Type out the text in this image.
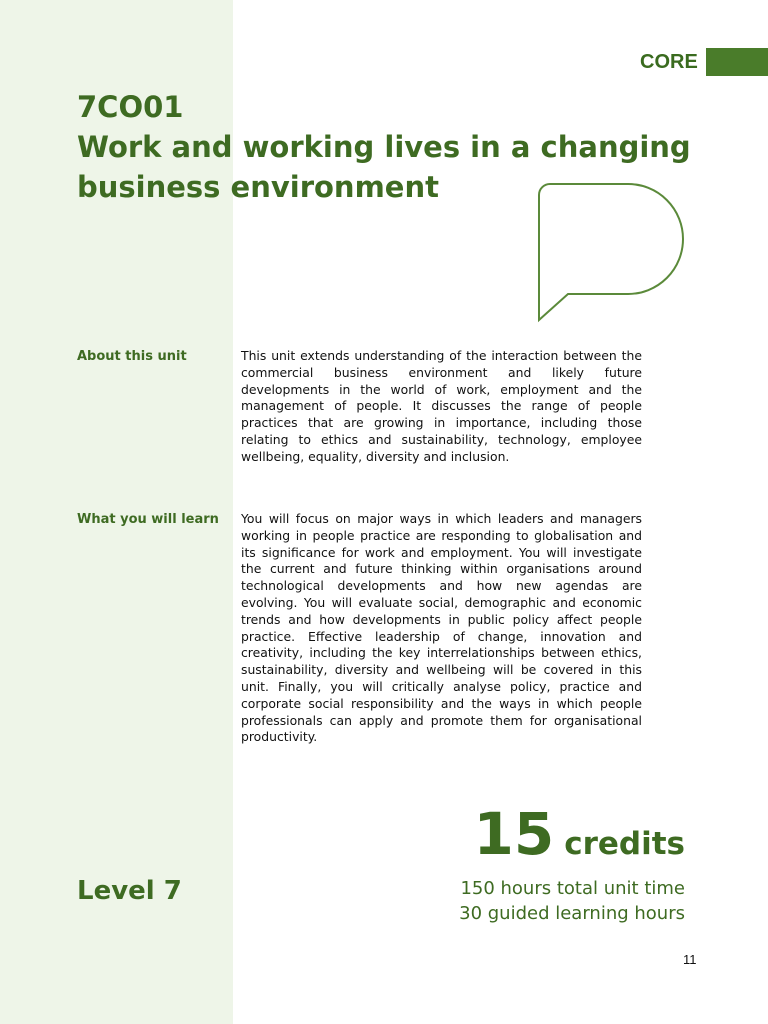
CORE
7CO01
Work and working lives in a changing
business environment
About this unit	This unit extends understanding of the interaction between the commercial business environment and likely future developments in the world of work, employment and the management of people. It discusses the range of people practices that are growing in importance, including those relating to ethics and sustainability, technology, employee wellbeing, equality, diversity and inclusion.
What you will learn You will focus on major ways in which leaders and managers working in people practice are responding to globalisation and its significance for work and employment. You will investigate the current and future thinking within organisations around technological developments and how new agendas are evolving. You will evaluate social, demographic and economic trends and how developments in public policy affect people practice. Effective leadership of change, innovation and creativity, including the key interrelationships between ethics, sustainability, diversity and wellbeing will be covered in this unit. Finally, you will critically analyse policy, practice and corporate social responsibility and the ways in which people professionals can apply and promote them for organisational productivity.
15 credits
150 hours total unit time
30 guided learning hours
Level 7
11
